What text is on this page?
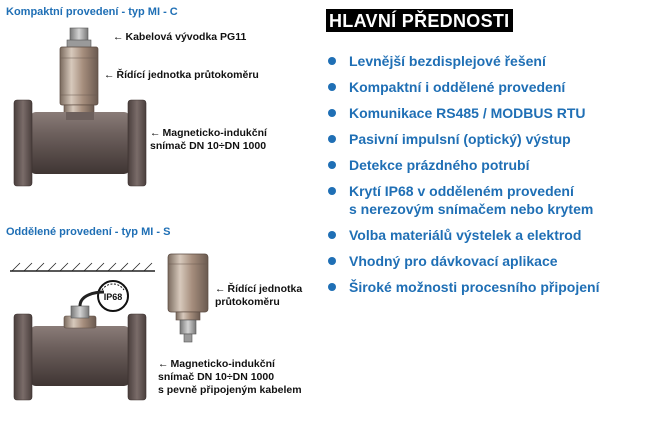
Kompaktní provedení - typ MI - C
← Kabelová vývodka PG11
← Řídící jednotka průtokoměru
← Magneticko-indukční
snímač DN 10÷DN 1000
Oddělené provedení - typ MI - S
IP68
← Řídící jednotka
průtokoměru
← Magneticko-indukční
snímač DN 10÷DN 1000
s pevně připojeným kabelem
HLAVNÍ PŘEDNOSTI
Levnější bezdisplejové řešení
Kompaktní i oddělené provedení
Komunikace RS485 / MODBUS RTU
Pasivní impulsní (optický) výstup
Detekce prázdného potrubí
Krytí IP68 v odděleném provedení
s nerezovým snímačem nebo krytem
Volba materiálů výstelek a elektrod
Vhodný pro dávkovací aplikace
Široké možnosti procesního připojení
